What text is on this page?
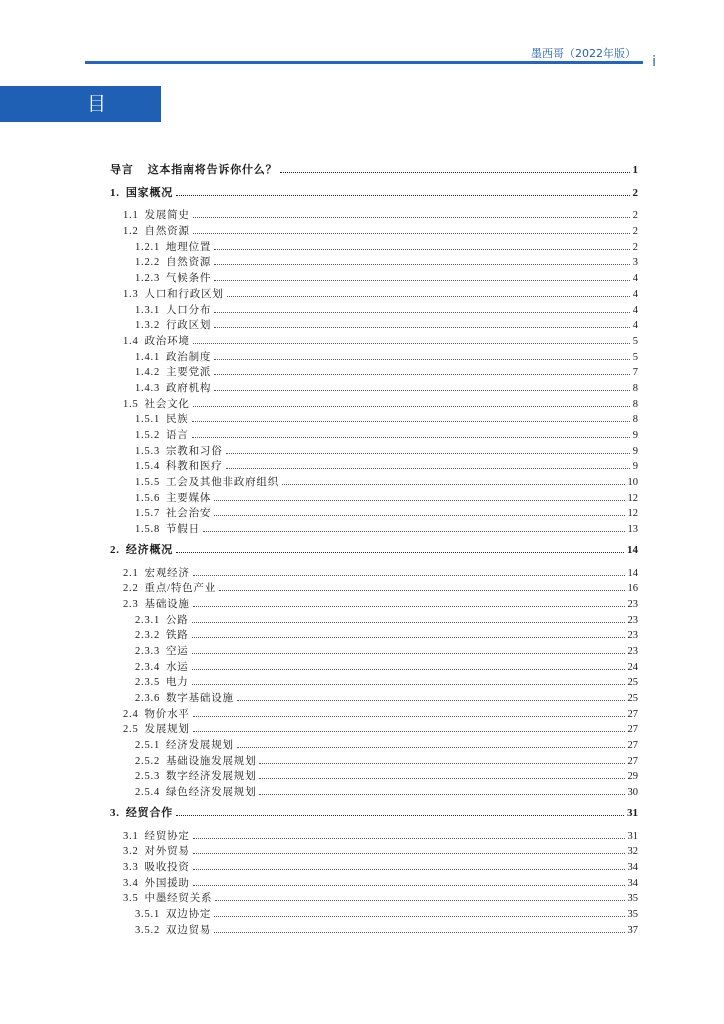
墨西哥（2022年版）
i
目录
导言 这本指南将告诉你什么？	1
1. 国家概况	2
1.1 发展简史	2
1.2 自然资源	2
1.2.1 地理位置	2
1.2.2 自然资源	3
1.2.3 气候条件	4
1.3 人口和行政区划	4
1.3.1 人口分布	4
1.3.2 行政区划	4
1.4 政治环境	5
1.4.1 政治制度	5
1.4.2 主要党派	7
1.4.3 政府机构	8
1.5 社会文化	8
1.5.1 民族	8
1.5.2 语言	9
1.5.3 宗教和习俗	9
1.5.4 科教和医疗	9
1.5.5 工会及其他非政府组织	10
1.5.6 主要媒体	12
1.5.7 社会治安	12
1.5.8 节假日	13
2. 经济概况	14
2.1 宏观经济	14
2.2 重点/特色产业	16
2.3 基础设施	23
2.3.1 公路	23
2.3.2 铁路	23
2.3.3 空运	23
2.3.4 水运	24
2.3.5 电力	25
2.3.6 数字基础设施	25
2.4 物价水平	27
2.5 发展规划	27
2.5.1 经济发展规划	27
2.5.2 基础设施发展规划	27
2.5.3 数字经济发展规划	29
2.5.4 绿色经济发展规划	30
3. 经贸合作	31
3.1 经贸协定	31
3.2 对外贸易	32
3.3 吸收投资	34
3.4 外国援助	34
3.5 中墨经贸关系	35
3.5.1 双边协定	35
3.5.2 双边贸易	37
